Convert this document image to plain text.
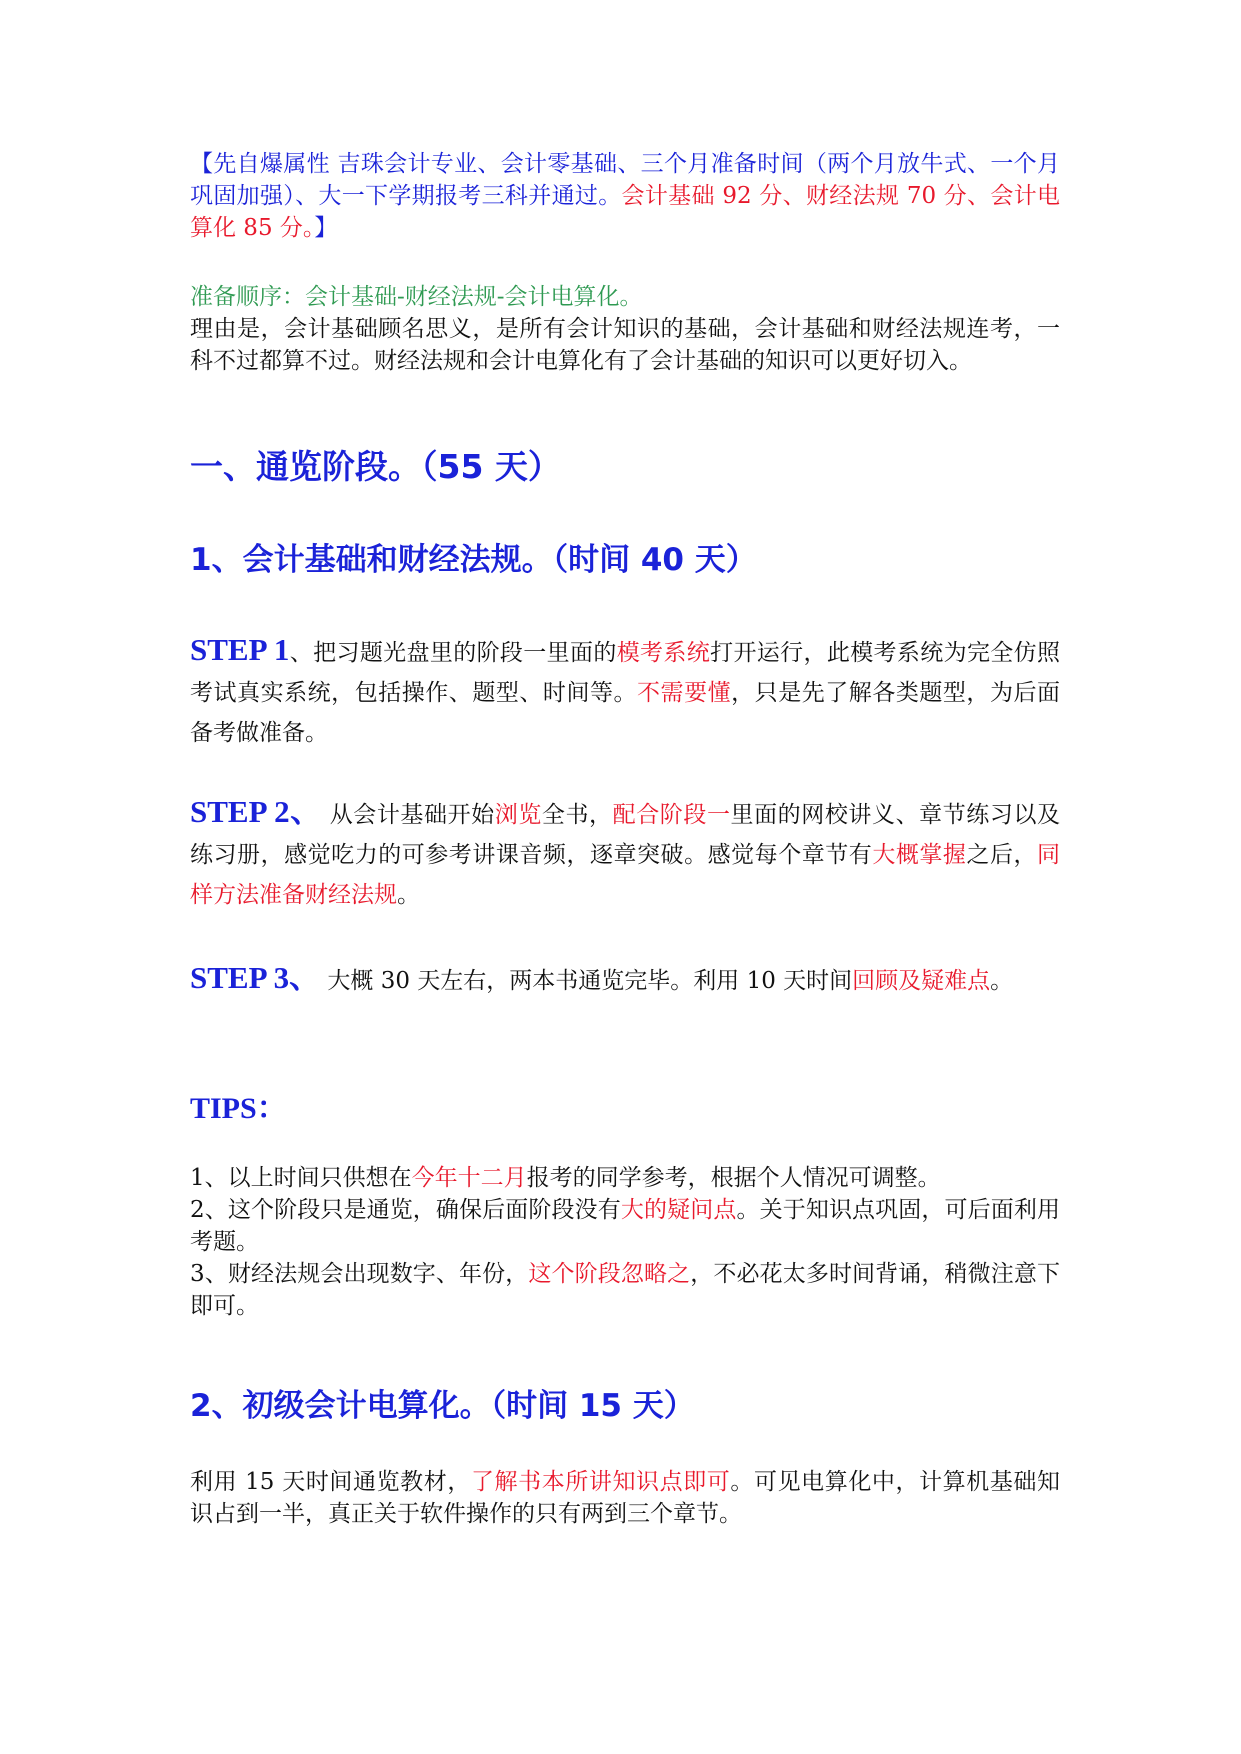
【先自爆属性 吉珠会计专业、会计零基础、三个月准备时间（两个月放牛式、一个月巩固加强）、大一下学期报考三科并通过。会计基础 92 分、财经法规 70 分、会计电算化 85 分。】

准备顺序：会计基础-财经法规-会计电算化。

理由是，会计基础顾名思义，是所有会计知识的基础，会计基础和财经法规连考，一科不过都算不过。财经法规和会计电算化有了会计基础的知识可以更好切入。

一、通览阶段。（55 天）
1、会计基础和财经法规。（时间 40 天）

STEP 1、把习题光盘里的阶段一里面的模考系统打开运行，此模考系统为完全仿照考试真实系统，包括操作、题型、时间等。不需要懂，只是先了解各类题型，为后面备考做准备。

STEP 2、 从会计基础开始浏览全书，配合阶段一里面的网校讲义、章节练习以及练习册，感觉吃力的可参考讲课音频，逐章突破。感觉每个章节有大概掌握之后，同样方法准备财经法规。

STEP 3、 大概 30 天左右，两本书通览完毕。利用 10 天时间回顾及疑难点。

TIPS：

1、以上时间只供想在今年十二月报考的同学参考，根据个人情况可调整。

2、这个阶段只是通览，确保后面阶段没有大的疑问点。关于知识点巩固，可后面利用考题。

3、财经法规会出现数字、年份，这个阶段忽略之，不必花太多时间背诵，稍微注意下即可。

2、初级会计电算化。（时间 15 天）

利用 15 天时间通览教材，了解书本所讲知识点即可。可见电算化中，计算机基础知识占到一半，真正关于软件操作的只有两到三个章节。
